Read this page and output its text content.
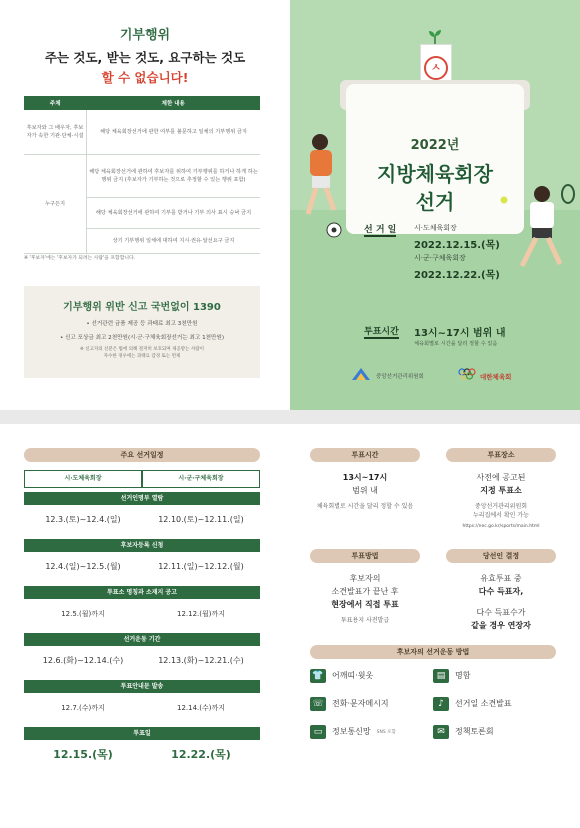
기부행위
주는 것도, 받는 것도, 요구하는 것도
할 수 없습니다!
주체	제한 내용
후보자와 그 배우자, 후보자가 속한 기관·단체·시설	해당 체육회장선거에 관한 여부를 불문하고 일체의 기부행위 금지
누구든지	해당 체육회장선거에 관하여 후보자를 위하여 기부행위를 하거나 하게 하는 행위 금지 (후보자가 기부하는 것으로 추정할 수 있는 행위 포함)
	해당 체육회장선거에 관하여 기부를 받거나 기부 의사 표시 승낙 금지
	상기 기부행위 일체에 대하여 지시·권유·알선요구 금지
※ '후보자'에는 '후보자가 되려는 사람'을 포함합니다.
기부행위 위반 신고 국번없이 1390
• 선거관련 금품 제공 등 과태료 최고 3천만원
• 신고 포상금 최고 2천만원(시·군·구체육회장선거는 최고 1천만원)
※ 신고자의 신분은 법에 의해 철저히 보호되며 제공받는 사람이
자수한 경우에는 과태료 감경 또는 면제
ㅅ
2022년
지방체육회장
선거
선 거 일	시·도체육회장
2022.12.15.(목)
시·군·구체육회장
2022.12.22.(목)
투표시간 13시~17시 범위 내
체육회별로 시간을 달리 정할 수 있음
중앙선거관리위원회	대한체육회
주요 선거일정
시·도체육회장	시·군·구체육회장
선거인명부 열람
12.3.(토)~12.4.(일)	12.10.(토)~12.11.(일)
후보자등록 신청
12.4.(일)~12.5.(월)	12.11.(일)~12.12.(월)
투표소 명칭과 소재지 공고
12.5.(월)까지	12.12.(월)까지
선거운동 기간
12.6.(화)~12.14.(수)	12.13.(화)~12.21.(수)
투표안내문 발송
12.7.(수)까지	12.14.(수)까지
투표일
12.15.(목)	12.22.(목)
투표시간
13시~17시
범위 내
체육회별로 시간을 달리 정할 수 있음
투표장소
사전에 공고된
지정 투표소
중앙선거관리위원회
누리집에서 확인 가능
https://nec.go.kr/sports/main.html
투표방법
후보자의
소견발표가 끝난 후
현장에서 직접 투표
투표용지 사전발급
당선인 결정
유효투표 중
다수 득표자,
다수 득표수가
같을 경우 연장자
후보자의 선거운동 방법
👕 어깨띠·윗옷	▤	명함
☏ 전화·문자메시지	♪	선거일 소견발표
▭	정보통신망 SNS 포함	✉	정책토론회
